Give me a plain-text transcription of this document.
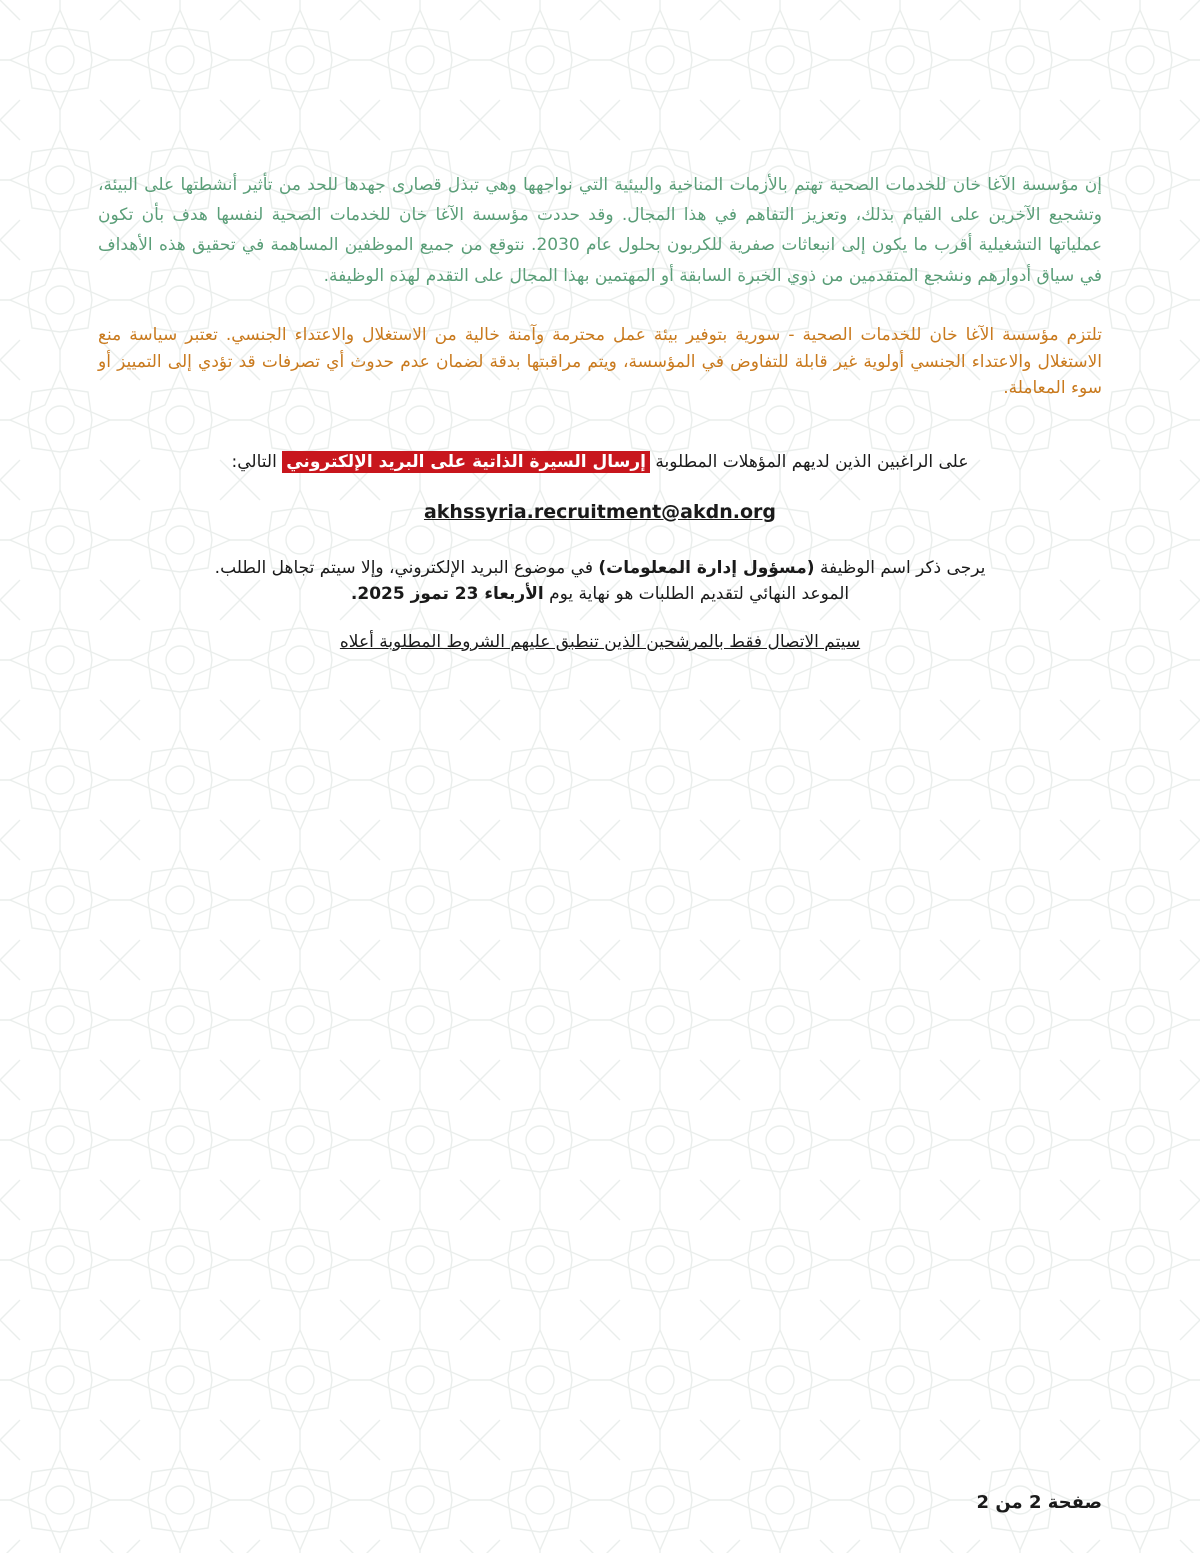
إن مؤسسة الآغا خان للخدمات الصحية تهتم بالأزمات المناخية والبيئية التي نواجهها وهي تبذل قصارى جهدها للحد من تأثير أنشطتها على البيئة، وتشجيع الآخرين على القيام بذلك، وتعزيز التفاهم في هذا المجال. وقد حددت مؤسسة الآغا خان للخدمات الصحية لنفسها هدف بأن تكون عملياتها التشغيلية أقرب ما يكون إلى انبعاثات صفرية للكربون بحلول عام 2030. نتوقع من جميع الموظفين المساهمة في تحقيق هذه الأهداف في سياق أدوارهم ونشجع المتقدمين من ذوي الخبرة السابقة أو المهتمين بهذا المجال على التقدم لهذه الوظيفة.

تلتزم مؤسسة الآغا خان للخدمات الصحية - سورية بتوفير بيئة عمل محترمة وآمنة خالية من الاستغلال والاعتداء الجنسي. تعتبر سياسة منع الاستغلال والاعتداء الجنسي أولوية غير قابلة للتفاوض في المؤسسة، ويتم مراقبتها بدقة لضمان عدم حدوث أي تصرفات قد تؤدي إلى التمييز أو سوء المعاملة.

على الراغبين الذين لديهم المؤهلات المطلوبة إرسال السيرة الذاتية على البريد الإلكتروني التالي:
akhssyria.recruitment@akdn.org
يرجى ذكر اسم الوظيفة (مسؤول إدارة المعلومات) في موضوع البريد الإلكتروني، وإلا سيتم تجاهل الطلب.
الموعد النهائي لتقديم الطلبات هو نهاية يوم الأربعاء 23 تموز 2025.
سيتم الاتصال فقط بالمرشحين الذين تنطبق عليهم الشروط المطلوبة أعلاه
صفحة 2 من 2
